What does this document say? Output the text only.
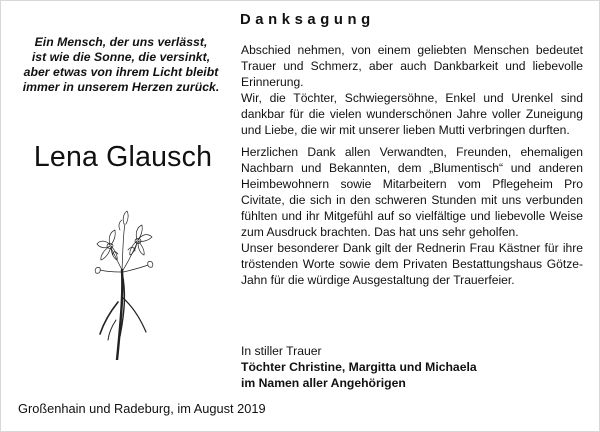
Ein Mensch, der uns verlässt,
ist wie die Sonne, die versinkt,
aber etwas von ihrem Licht bleibt
immer in unserem Herzen zurück.
Lena Glausch
Großenhain und Radeburg, im August 2019
Danksagung

Abschied nehmen, von einem geliebten Menschen bedeutet Trauer und Schmerz, aber auch Dankbarkeit und liebevolle Erinnerung.

Wir, die Töchter, Schwiegersöhne, Enkel und Urenkel sind dankbar für die vielen wunderschönen Jahre voller Zuneigung und Liebe, die wir mit unserer lieben Mutti verbringen durften.

Herzlichen Dank allen Verwandten, Freunden, ehemaligen Nachbarn und Bekannten, dem „Blumentisch“ und anderen Heimbewohnern sowie Mitarbeitern vom Pflegeheim Pro Civitate, die sich in den schweren Stunden mit uns verbunden fühlten und ihr Mitgefühl auf so vielfältige und liebevolle Weise zum Ausdruck brachten. Das hat uns sehr geholfen.

Unser besonderer Dank gilt der Rednerin Frau Kästner für ihre tröstenden Worte sowie dem Privaten Bestattungshaus Götze-Jahn für die würdige Ausgestaltung der Trauerfeier.

In stiller Trauer
Töchter Christine, Margitta und Michaela
im Namen aller Angehörigen
